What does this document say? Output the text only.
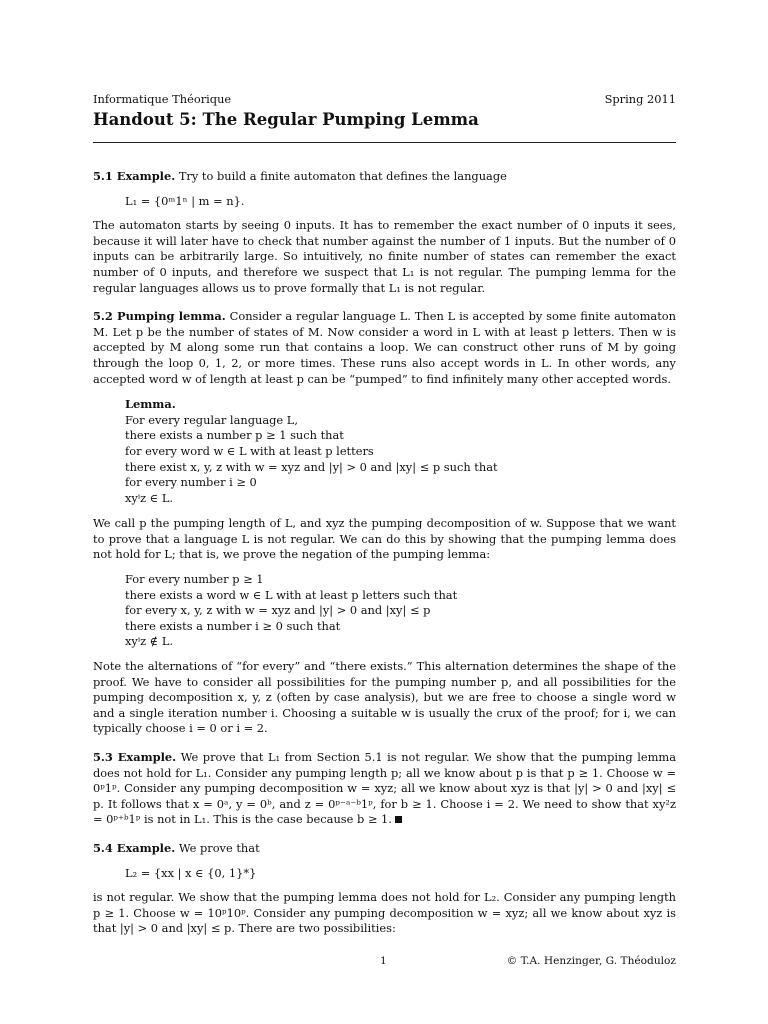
Informatique Théorique	Spring 2011
Handout 5: The Regular Pumping Lemma

5.1 Example. Try to build a finite automaton that defines the language

L₁ = {0ᵐ1ⁿ | m = n}.

The automaton starts by seeing 0 inputs. It has to remember the exact number of 0 inputs it sees, because it will later have to check that number against the number of 1 inputs. But the number of 0 inputs can be arbitrarily large. So intuitively, no finite number of states can remember the exact number of 0 inputs, and therefore we suspect that L₁ is not regular. The pumping lemma for the regular languages allows us to prove formally that L₁ is not regular.

5.2 Pumping lemma. Consider a regular language L. Then L is accepted by some finite automaton M. Let p be the number of states of M. Now consider a word in L with at least p letters. Then w is accepted by M along some run that contains a loop. We can construct other runs of M by going through the loop 0, 1, 2, or more times. These runs also accept words in L. In other words, any accepted word w of length at least p can be “pumped” to find infinitely many other accepted words.

Lemma.
For every regular language L,
there exists a number p ≥ 1 such that
for every word w ∈ L with at least p letters
there exist x, y, z with w = xyz and |y| > 0 and |xy| ≤ p such that
for every number i ≥ 0
xyⁱz ∈ L.

We call p the pumping length of L, and xyz the pumping decomposition of w. Suppose that we want to prove that a language L is not regular. We can do this by showing that the pumping lemma does not hold for L; that is, we prove the negation of the pumping lemma:

For every number p ≥ 1
there exists a word w ∈ L with at least p letters such that
for every x, y, z with w = xyz and |y| > 0 and |xy| ≤ p
there exists a number i ≥ 0 such that
xyⁱz ∉ L.

Note the alternations of “for every” and “there exists.” This alternation determines the shape of the proof. We have to consider all possibilities for the pumping number p, and all possibilities for the pumping decomposition x, y, z (often by case analysis), but we are free to choose a single word w and a single iteration number i. Choosing a suitable w is usually the crux of the proof; for i, we can typically choose i = 0 or i = 2.

5.3 Example. We prove that L₁ from Section 5.1 is not regular. We show that the pumping lemma does not hold for L₁. Consider any pumping length p; all we know about p is that p ≥ 1. Choose w = 0ᵖ1ᵖ. Consider any pumping decomposition w = xyz; all we know about xyz is that |y| > 0 and |xy| ≤ p. It follows that x = 0ᵃ, y = 0ᵇ, and z = 0ᵖ⁻ᵃ⁻ᵇ1ᵖ, for b ≥ 1. Choose i = 2. We need to show that xy²z = 0ᵖ⁺ᵇ1ᵖ is not in L₁. This is the case because b ≥ 1.

5.4 Example. We prove that

L₂ = {xx | x ∈ {0, 1}*}

is not regular. We show that the pumping lemma does not hold for L₂. Consider any pumping length p ≥ 1. Choose w = 10ᵖ10ᵖ. Consider any pumping decomposition w = xyz; all we know about xyz is that |y| > 0 and |xy| ≤ p. There are two possibilities:

1	© T.A. Henzinger, G. Théoduloz
